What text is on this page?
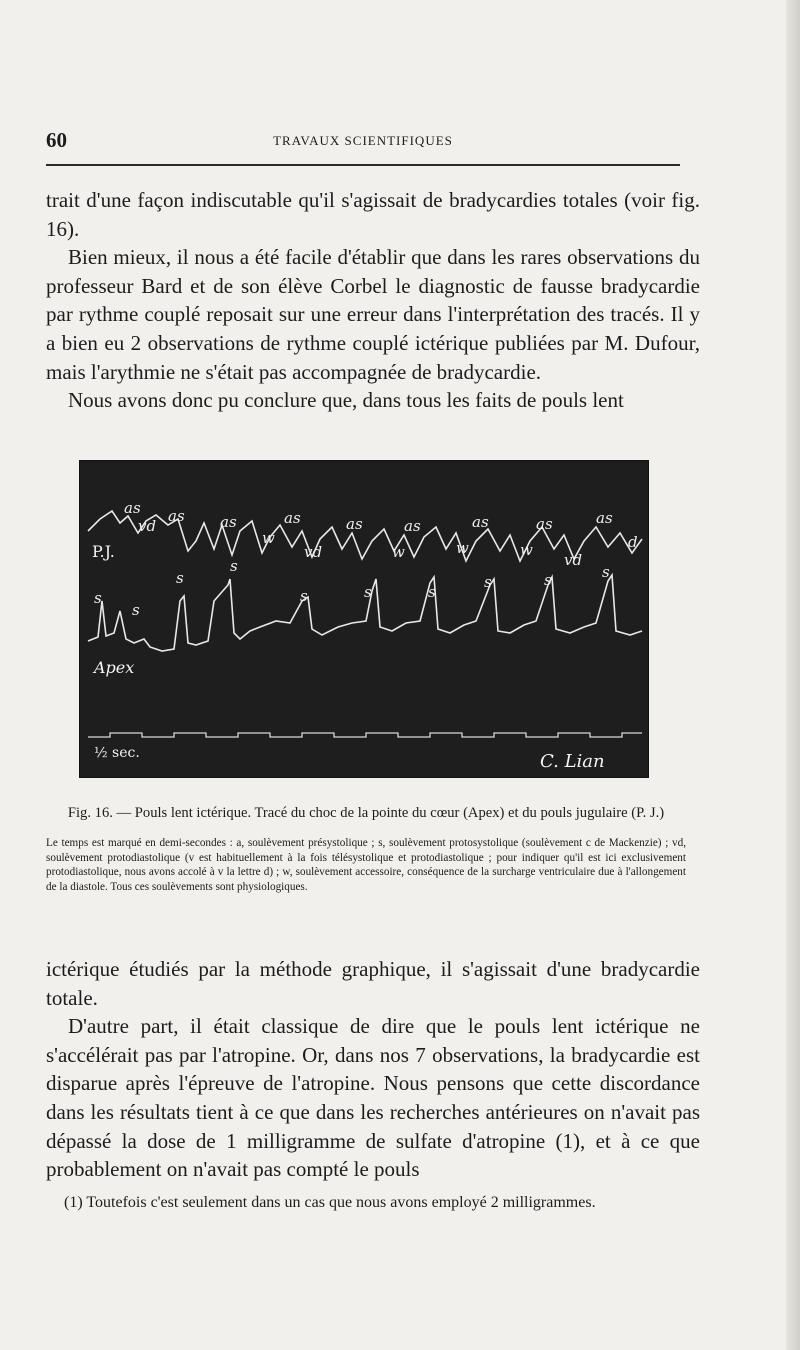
60	TRAVAUX SCIENTIFIQUES

trait d'une façon indiscutable qu'il s'agissait de bradycardies totales (voir fig. 16).

Bien mieux, il nous a été facile d'établir que dans les rares observations du professeur Bard et de son élève Corbel le diagnostic de fausse bradycardie par rythme couplé reposait sur une erreur dans l'interprétation des tracés. Il y a bien eu 2 observations de rythme couplé ictérique publiées par M. Dufour, mais l'arythmie ne s'était pas accompagnée de bradycardie.

Nous avons donc pu conclure que, dans tous les faits de pouls lent

as
vd
as as
w
as
vd
as	as
w
as
w
as
w
vd
as
d
s
s
s
s
s	s	s
s	s	s
P.J.
Apex
½ sec.	C. Lian

Fig. 16. — Pouls lent ictérique. Tracé du choc de la pointe du cœur (Apex) et du pouls jugulaire (P. J.)

Le temps est marqué en demi-secondes : a, soulèvement présystolique ; s, soulèvement protosystolique (soulèvement c de Mackenzie) ; vd, soulèvement protodiastolique (v est habituellement à la fois télésystolique et protodiastolique ; pour indiquer qu'il est ici exclusivement protodiastolique, nous avons accolé à v la lettre d) ; w, soulèvement accessoire, conséquence de la surcharge ventriculaire due à l'allongement de la diastole. Tous ces soulèvements sont physiologiques.

ictérique étudiés par la méthode graphique, il s'agissait d'une bradycardie totale.

D'autre part, il était classique de dire que le pouls lent ictérique ne s'accélérait pas par l'atropine. Or, dans nos 7 observations, la bradycardie est disparue après l'épreuve de l'atropine. Nous pensons que cette discordance dans les résultats tient à ce que dans les recherches antérieures on n'avait pas dépassé la dose de 1 milligramme de sulfate d'atropine (1), et à ce que probablement on n'avait pas compté le pouls

(1) Toutefois c'est seulement dans un cas que nous avons employé 2 milligrammes.
